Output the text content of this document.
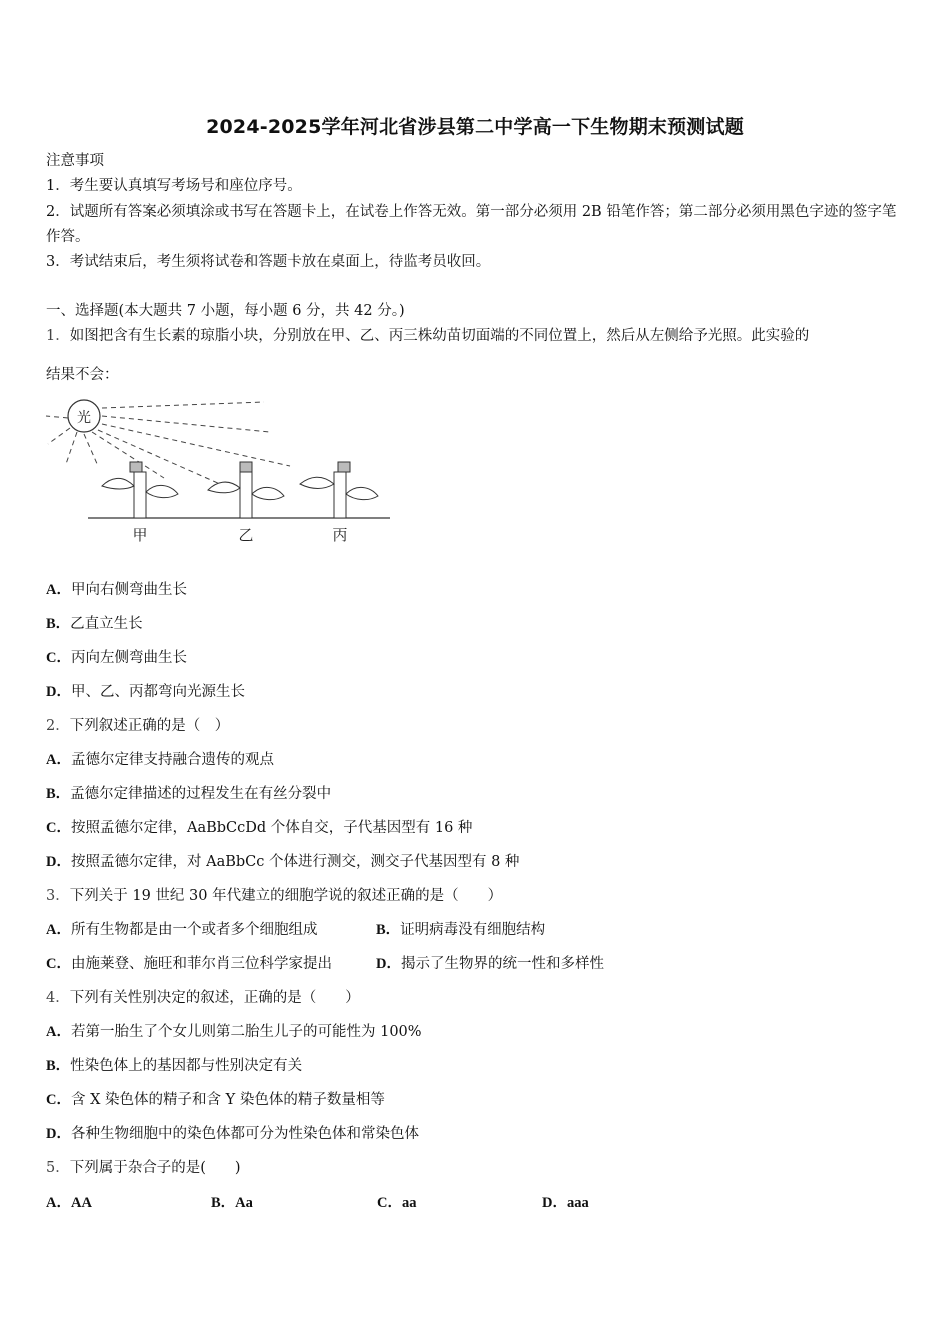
2024-2025学年河北省涉县第二中学高一下生物期末预测试题
注意事项
1．考生要认真填写考场号和座位序号。
2．试题所有答案必须填涂或书写在答题卡上，在试卷上作答无效。第一部分必须用 2B 铅笔作答；第二部分必须用黑色字迹的签字笔作答。
3．考试结束后，考生须将试卷和答题卡放在桌面上，待监考员收回。
一、选择题(本大题共 7 小题，每小题 6 分，共 42 分。)
1．如图把含有生长素的琼脂小块，分别放在甲、乙、丙三株幼苗切面端的不同位置上，然后从左侧给予光照。此实验的
结果不会：
光
甲	乙	丙
A．甲向右侧弯曲生长
B．乙直立生长
C．丙向左侧弯曲生长
D．甲、乙、丙都弯向光源生长
2．下列叙述正确的是（　）
A．孟德尔定律支持融合遗传的观点
B．孟德尔定律描述的过程发生在有丝分裂中
C．按照孟德尔定律，AaBbCcDd 个体自交，子代基因型有 16 种
D．按照孟德尔定律，对 AaBbCc 个体进行测交，测交子代基因型有 8 种
3．下列关于 19 世纪 30 年代建立的细胞学说的叙述正确的是（　　）
A．所有生物都是由一个或者多个细胞组成	B．证明病毒没有细胞结构
C．由施莱登、施旺和菲尔肖三位科学家提出	D．揭示了生物界的统一性和多样性
4．下列有关性别决定的叙述，正确的是（　　）
A．若第一胎生了个女儿则第二胎生儿子的可能性为 100%
B．性染色体上的基因都与性别决定有关
C．含 X 染色体的精子和含 Y 染色体的精子数量相等
D．各种生物细胞中的染色体都可分为性染色体和常染色体
5．下列属于杂合子的是(　　)
A．AA	B．Aa	C．aa	D．aaa
